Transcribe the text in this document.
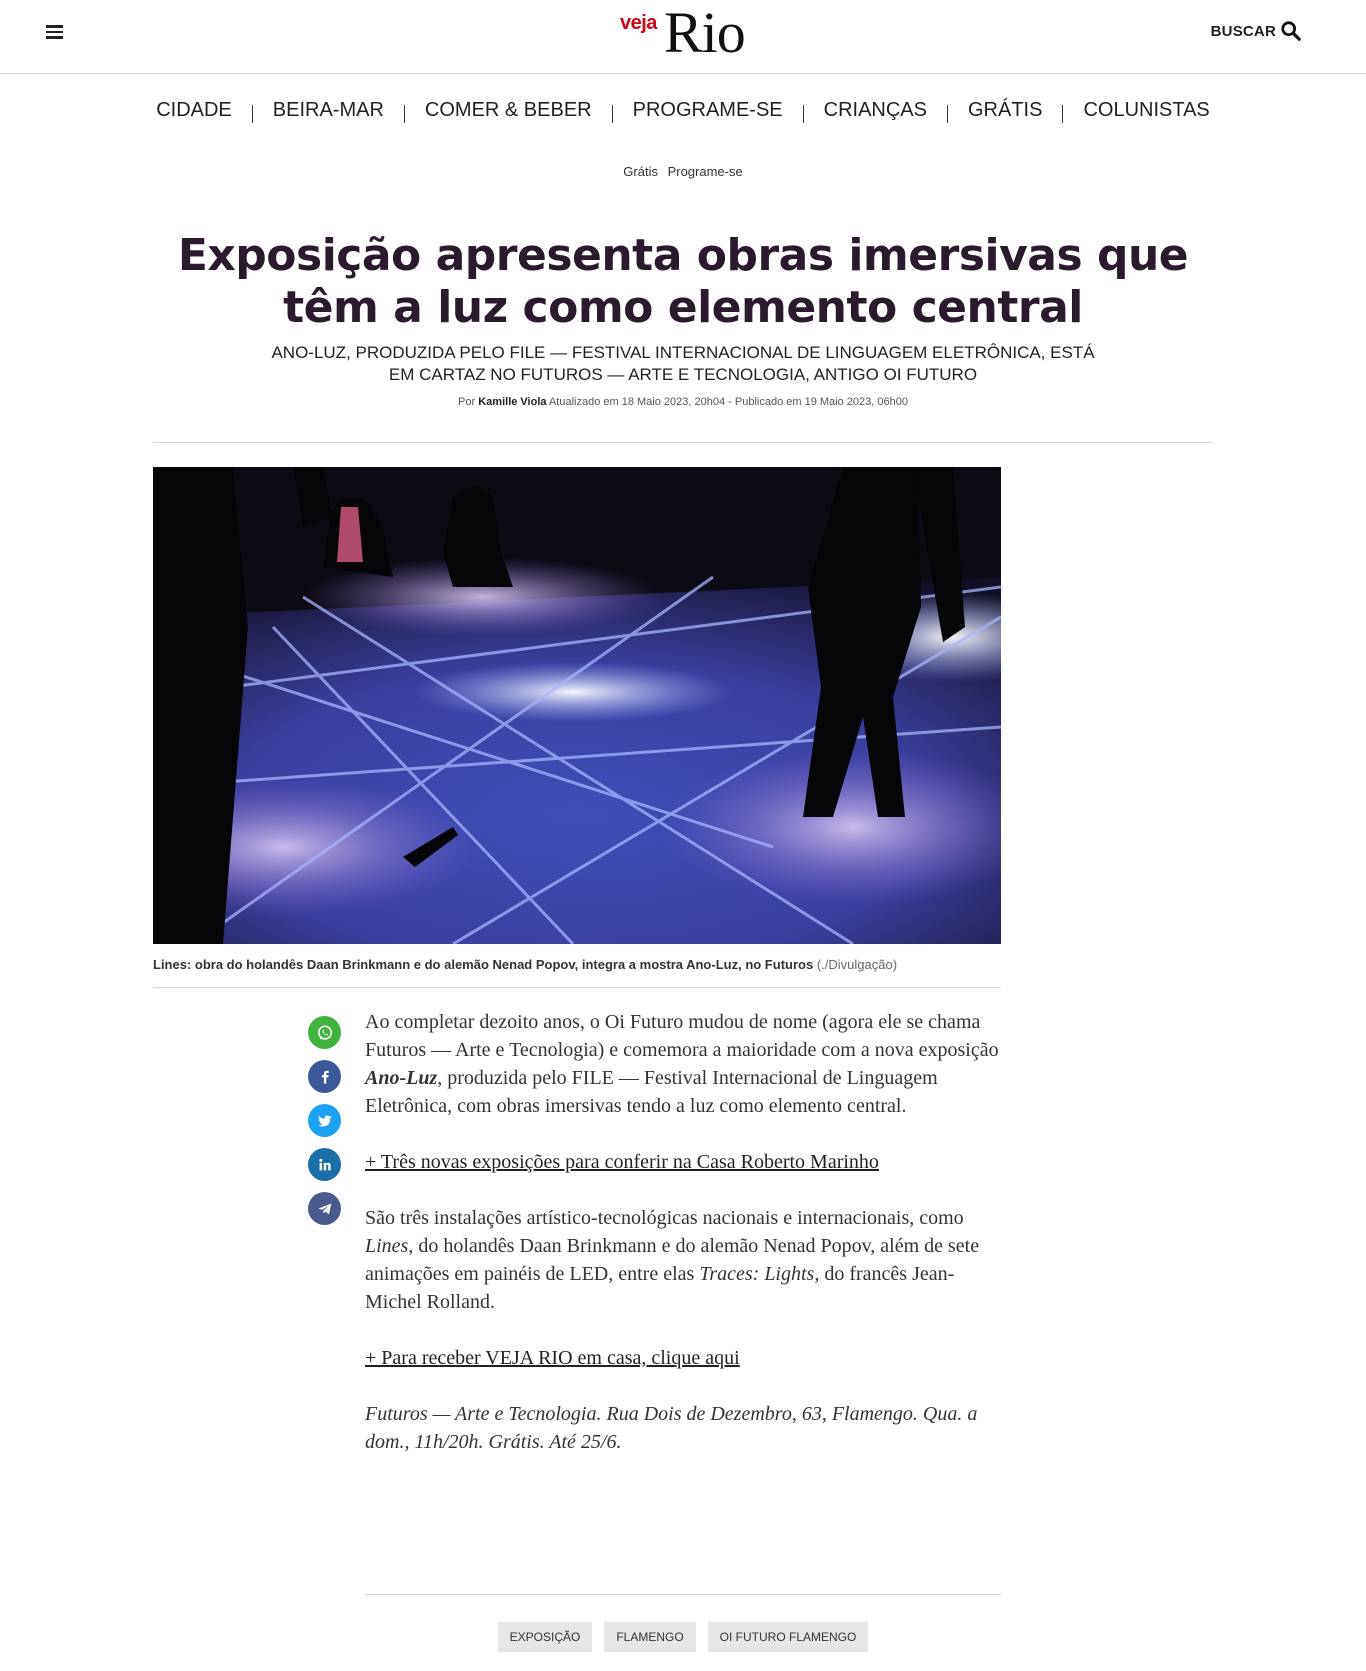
veja Rio	BUSCAR
CIDADE	BEIRA-MAR	COMER & BEBER	PROGRAME-SE	CRIANÇAS	GRÁTIS	COLUNISTAS
Grátis Programe-se
Exposição apresenta obras imersivas que têm a luz como elemento central
ANO-LUZ, PRODUZIDA PELO FILE — FESTIVAL INTERNACIONAL DE LINGUAGEM ELETRÔNICA, ESTÁ EM CARTAZ NO FUTUROS — ARTE E TECNOLOGIA, ANTIGO OI FUTURO
Por Kamille Viola Atualizado em 18 Maio 2023, 20h04 - Publicado em 19 Maio 2023, 06h00
Lines: obra do holandês Daan Brinkmann e do alemão Nenad Popov, integra a mostra Ano-Luz, no Futuros (./Divulgação)

Ao completar dezoito anos, o Oi Futuro mudou de nome (agora ele se chama Futuros — Arte e Tecnologia) e comemora a maioridade com a nova exposição Ano-Luz, produzida pelo FILE — Festival Internacional de Linguagem Eletrônica, com obras imersivas tendo a luz como elemento central.

+ Três novas exposições para conferir na Casa Roberto Marinho

São três instalações artístico-tecnológicas nacionais e internacionais, como Lines, do holandês Daan Brinkmann e do alemão Nenad Popov, além de sete animações em painéis de LED, entre elas Traces: Lights, do francês Jean-Michel Rolland.

+ Para receber VEJA RIO em casa, clique aqui

Futuros — Arte e Tecnologia. Rua Dois de Dezembro, 63, Flamengo. Qua. a dom., 11h/20h. Grátis. Até 25/6.

EXPOSIÇÃO	FLAMENGO	OI FUTURO FLAMENGO
